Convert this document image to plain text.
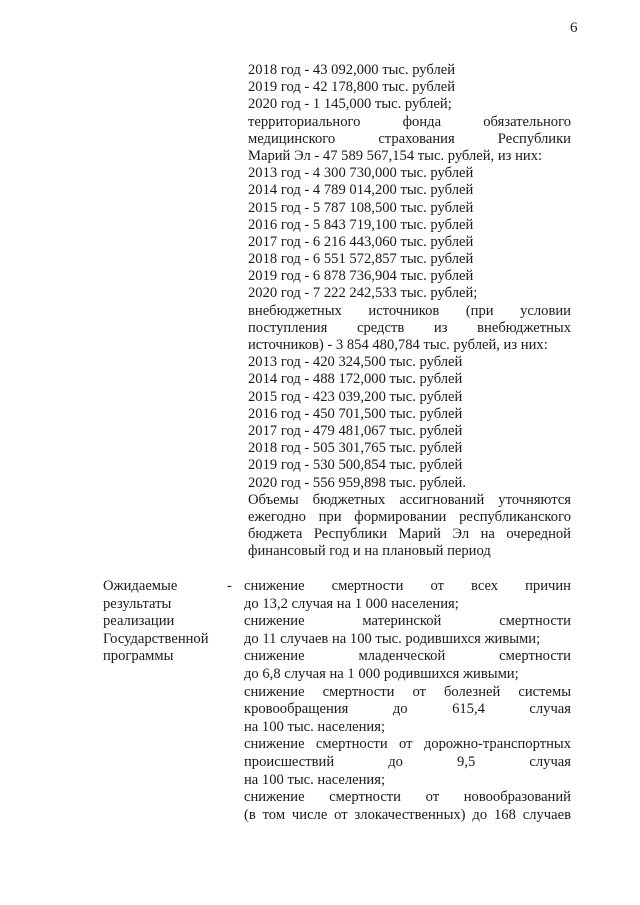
6
2018 год - 43 092,000 тыс. рублей
2019 год - 42 178,800 тыс. рублей
2020 год - 1 145,000 тыс. рублей;
территориального фонда обязательного
медицинского страхования Республики
Марий Эл - 47 589 567,154 тыс. рублей, из них:
2013 год - 4 300 730,000 тыс. рублей
2014 год - 4 789 014,200 тыс. рублей
2015 год - 5 787 108,500 тыс. рублей
2016 год - 5 843 719,100 тыс. рублей
2017 год - 6 216 443,060 тыс. рублей
2018 год - 6 551 572,857 тыс. рублей
2019 год - 6 878 736,904 тыс. рублей
2020 год - 7 222 242,533 тыс. рублей;
внебюджетных источников (при условии
поступления средств из внебюджетных
источников) - 3 854 480,784 тыс. рублей, из них:
2013 год - 420 324,500 тыс. рублей
2014 год - 488 172,000 тыс. рублей
2015 год - 423 039,200 тыс. рублей
2016 год - 450 701,500 тыс. рублей
2017 год - 479 481,067 тыс. рублей
2018 год - 505 301,765 тыс. рублей
2019 год - 530 500,854 тыс. рублей
2020 год - 556 959,898 тыс. рублей.
Объемы бюджетных ассигнований уточняются
ежегодно при формировании республиканского
бюджета Республики Марий Эл на очередной
финансовый год и на плановый период
Ожидаемые
результаты
реализации
Государственной
программы
- снижение смертности от всех причин
до 13,2 случая на 1 000 населения;
снижение материнской смертности
до 11 случаев на 100 тыс. родившихся живыми;
снижение младенческой смертности
до 6,8 случая на 1 000 родившихся живыми;
снижение смертности от болезней системы
кровообращения до 615,4 случая
на 100 тыс. населения;
снижение смертности от дорожно-транспортных
происшествий до 9,5 случая
на 100 тыс. населения;
снижение смертности от новообразований
(в том числе от злокачественных) до 168 случаев
